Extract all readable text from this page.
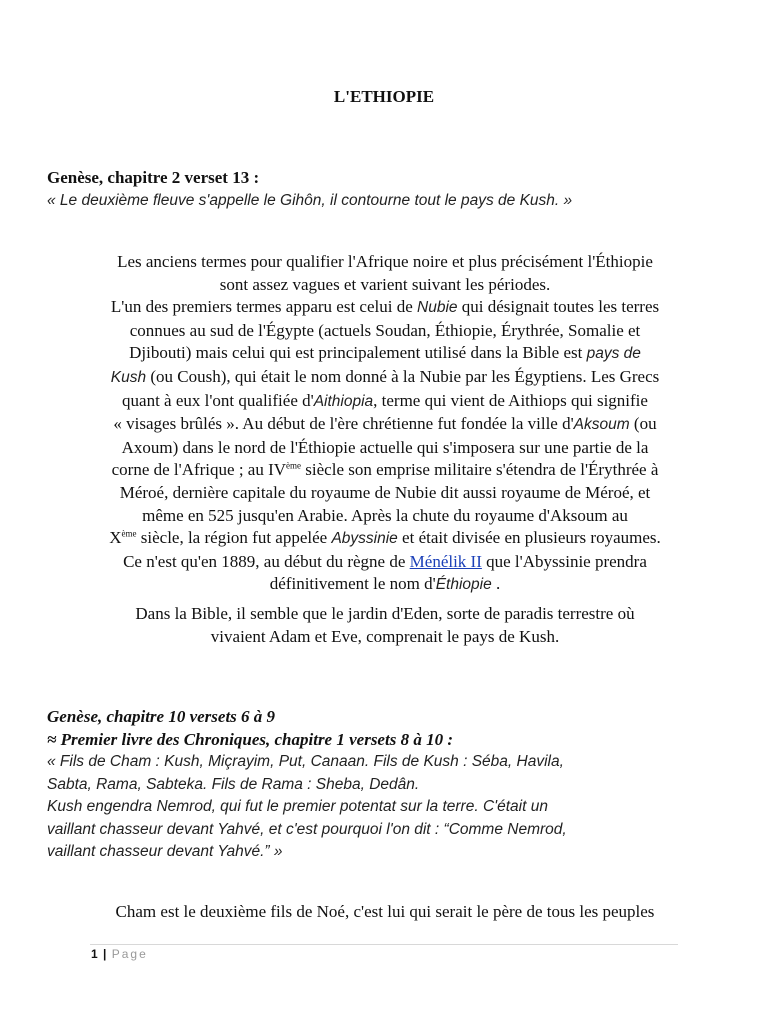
L'ETHIOPIE
Genèse, chapitre 2 verset 13 :
« Le deuxième fleuve s'appelle le Gihôn, il contourne tout le pays de Kush. »
Les anciens termes pour qualifier l'Afrique noire et plus précisément l'Éthiopie
sont assez vagues et varient suivant les périodes.
L'un des premiers termes apparu est celui de Nubie qui désignait toutes les terres
connues au sud de l'Égypte (actuels Soudan, Éthiopie, Érythrée, Somalie et
Djibouti) mais celui qui est principalement utilisé dans la Bible est pays de
Kush (ou Coush), qui était le nom donné à la Nubie par les Égyptiens. Les Grecs
quant à eux l'ont qualifiée d'Aithiopia, terme qui vient de Aithiops qui signifie
« visages brûlés ». Au début de l'ère chrétienne fut fondée la ville d'Aksoum (ou
Axoum) dans le nord de l'Éthiopie actuelle qui s'imposera sur une partie de la
corne de l'Afrique ; au IVème siècle son emprise militaire s'étendra de l'Érythrée à
Méroé, dernière capitale du royaume de Nubie dit aussi royaume de Méroé, et
même en 525 jusqu'en Arabie. Après la chute du royaume d'Aksoum au
Xème siècle, la région fut appelée Abyssinie et était divisée en plusieurs royaumes.
Ce n'est qu'en 1889, au début du règne de Ménélik II que l'Abyssinie prendra
définitivement le nom d'Éthiopie .
Dans la Bible, il semble que le jardin d'Eden, sorte de paradis terrestre où
vivaient Adam et Eve, comprenait le pays de Kush.
Genèse, chapitre 10 versets 6 à 9
≈ Premier livre des Chroniques, chapitre 1 versets 8 à 10 :
« Fils de Cham : Kush, Miçrayim, Put, Canaan. Fils de Kush : Séba, Havila,
Sabta, Rama, Sabteka. Fils de Rama : Sheba, Dedân.
Kush engendra Nemrod, qui fut le premier potentat sur la terre. C'était un
vaillant chasseur devant Yahvé, et c'est pourquoi l'on dit : “Comme Nemrod,
vaillant chasseur devant Yahvé.” »
Cham est le deuxième fils de Noé, c'est lui qui serait le père de tous les peuples
1 | Page
